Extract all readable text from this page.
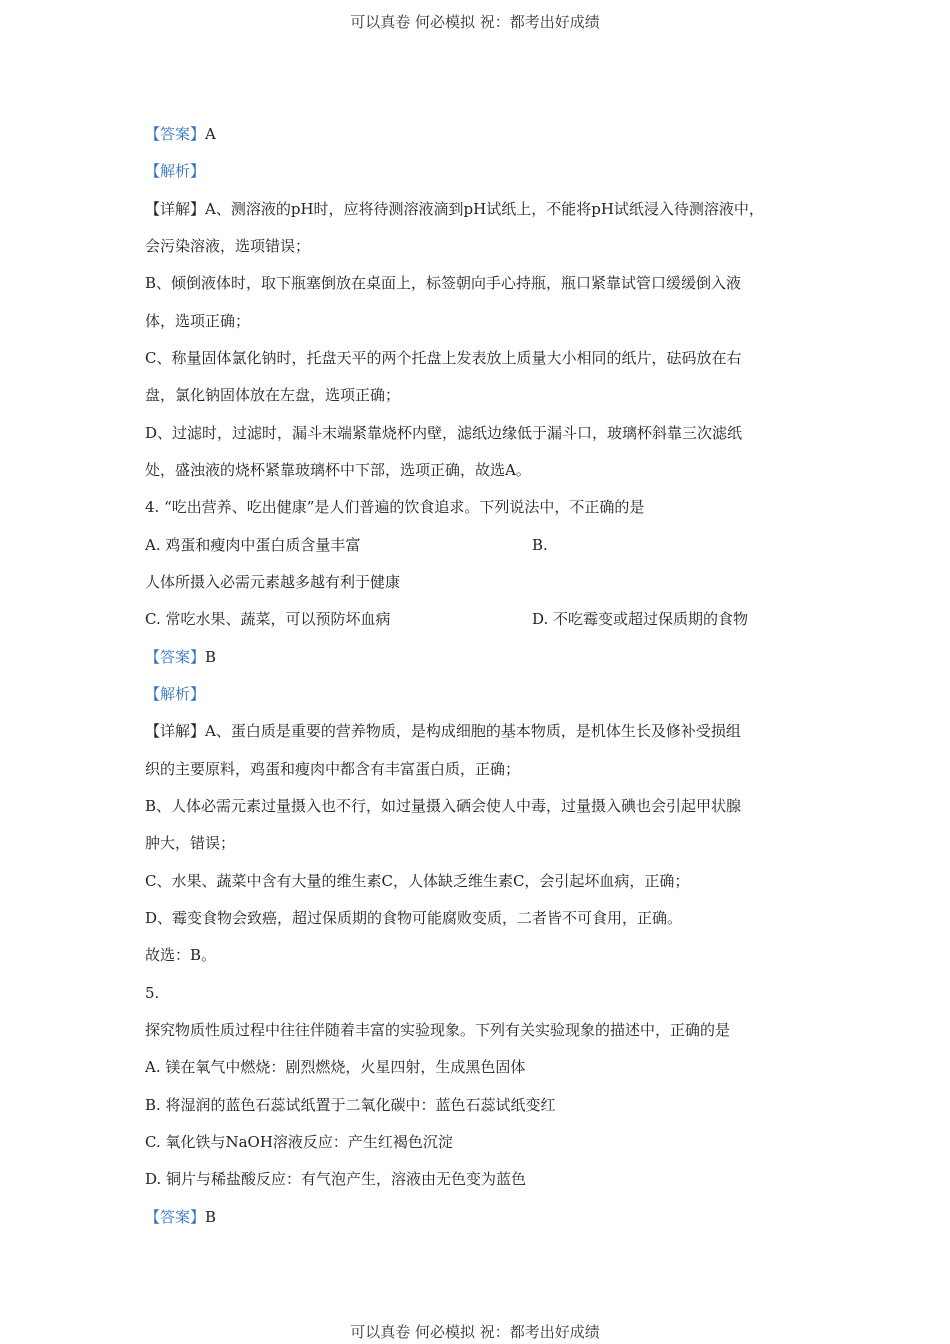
可以真卷 何必模拟 祝：都考出好成绩
【答案】A
【解析】
【详解】A、测溶液的pH时，应将待测溶液滴到pH试纸上，不能将pH试纸浸入待测溶液中，
会污染溶液，选项错误；
B、倾倒液体时，取下瓶塞倒放在桌面上，标签朝向手心持瓶，瓶口紧靠试管口缓缓倒入液
体，选项正确；
C、称量固体氯化钠时，托盘天平的两个托盘上发表放上质量大小相同的纸片，砝码放在右
盘，氯化钠固体放在左盘，选项正确；
D、过滤时，过滤时，漏斗末端紧靠烧杯内壁，滤纸边缘低于漏斗口，玻璃杯斜靠三次滤纸
处，盛浊液的烧杯紧靠玻璃杯中下部，选项正确，故选A。
4. “吃出营养、吃出健康”是人们普遍的饮食追求。下列说法中，不正确的是
A. 鸡蛋和瘦肉中蛋白质含量丰富	B.
人体所摄入必需元素越多越有利于健康
C. 常吃水果、蔬菜，可以预防坏血病	D. 不吃霉变或超过保质期的食物
【答案】B
【解析】
【详解】A、蛋白质是重要的营养物质，是构成细胞的基本物质，是机体生长及修补受损组
织的主要原料，鸡蛋和瘦肉中都含有丰富蛋白质，正确；
B、人体必需元素过量摄入也不行，如过量摄入硒会使人中毒，过量摄入碘也会引起甲状腺
肿大，错误；
C、水果、蔬菜中含有大量的维生素C，人体缺乏维生素C，会引起坏血病，正确；
D、霉变食物会致癌，超过保质期的食物可能腐败变质，二者皆不可食用，正确。
故选：B。
5.
探究物质性质过程中往往伴随着丰富的实验现象。下列有关实验现象的描述中，正确的是
A. 镁在氧气中燃烧：剧烈燃烧，火星四射，生成黑色固体
B. 将湿润的蓝色石蕊试纸置于二氧化碳中：蓝色石蕊试纸变红
C. 氧化铁与NaOH溶液反应：产生红褐色沉淀
D. 铜片与稀盐酸反应：有气泡产生，溶液由无色变为蓝色
【答案】B
可以真卷 何必模拟 祝：都考出好成绩
